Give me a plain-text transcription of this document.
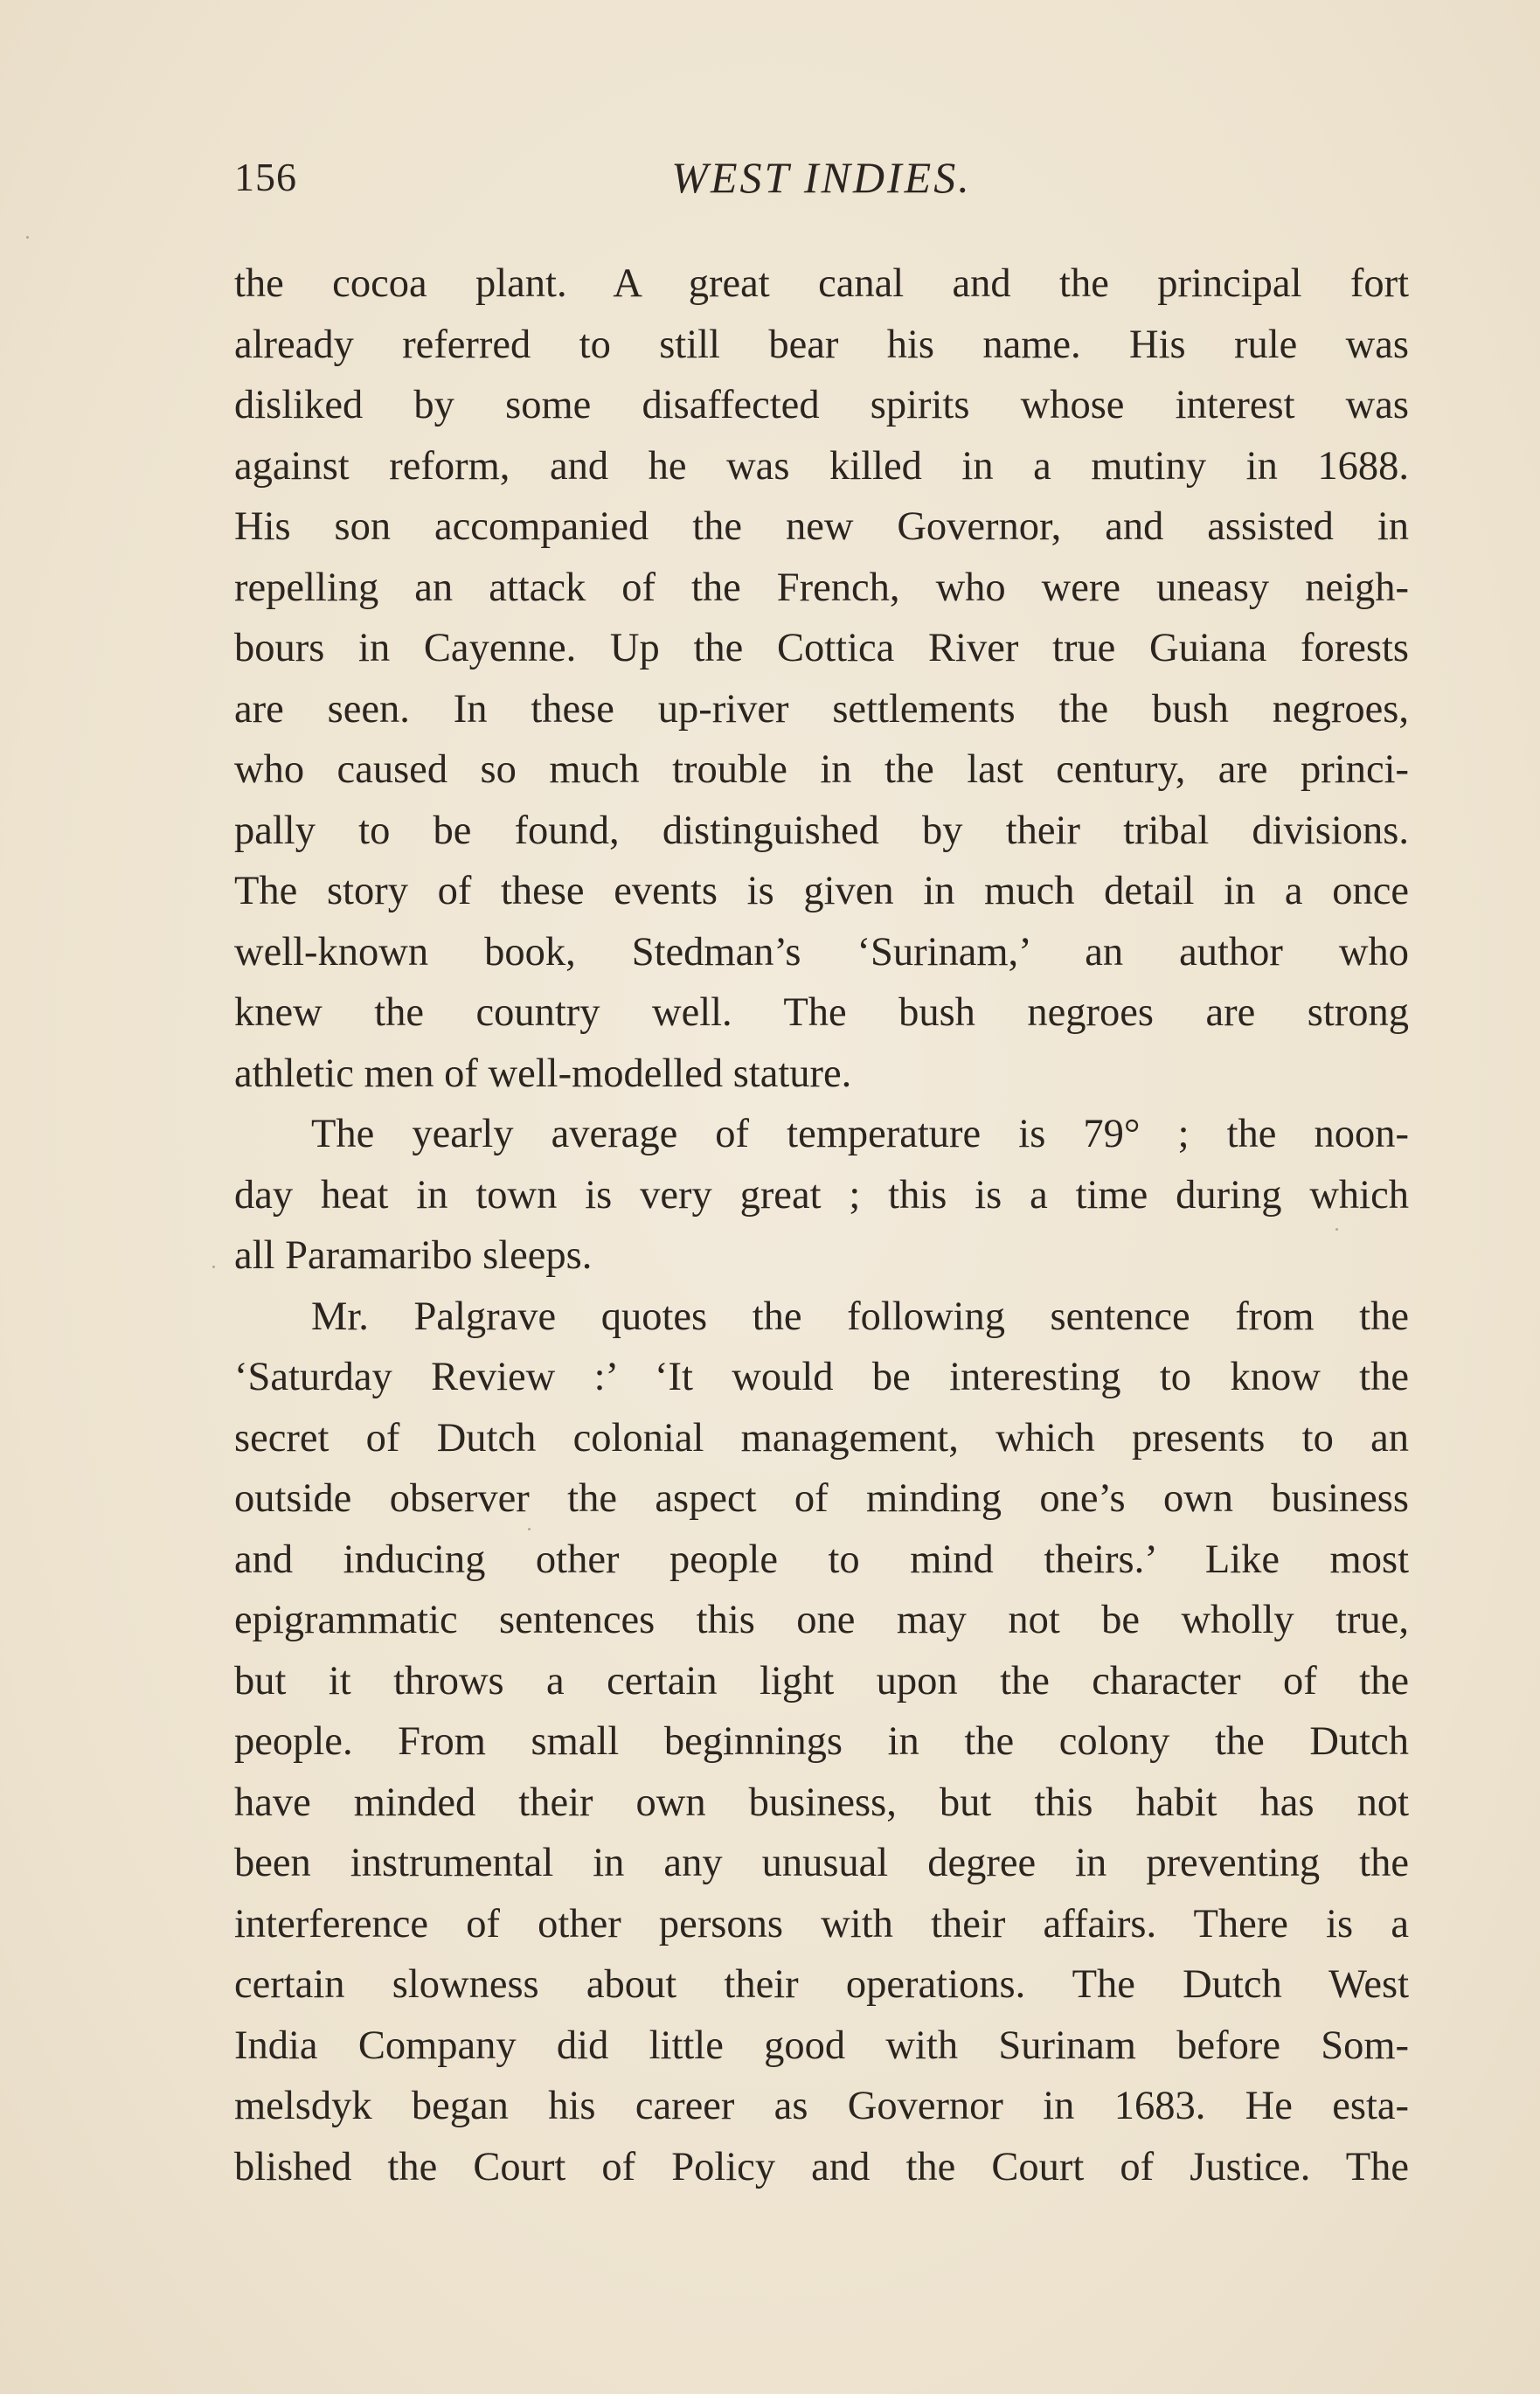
156	WEST INDIES.
the cocoa plant. A great canal and the principal fort
already referred to still bear his name. His rule was
disliked by some disaffected spirits whose interest was
against reform, and he was killed in a mutiny in 1688.
His son accompanied the new Governor, and assisted in
repelling an attack of the French, who were uneasy neigh-
bours in Cayenne. Up the Cottica River true Guiana forests
are seen. In these up-river settlements the bush negroes,
who caused so much trouble in the last century, are princi-
pally to be found, distinguished by their tribal divisions.
The story of these events is given in much detail in a once
well-known book, Stedman’s ‘Surinam,’ an author who
knew the country well. The bush negroes are strong
athletic men of well-modelled stature.
The yearly average of temperature is 79° ; the noon-
day heat in town is very great ; this is a time during which
all Paramaribo sleeps.
Mr. Palgrave quotes the following sentence from the
‘Saturday Review :’ ‘It would be interesting to know the
secret of Dutch colonial management, which presents to an
outside observer the aspect of minding one’s own business
and inducing other people to mind theirs.’ Like most
epigrammatic sentences this one may not be wholly true,
but it throws a certain light upon the character of the
people. From small beginnings in the colony the Dutch
have minded their own business, but this habit has not
been instrumental in any unusual degree in preventing the
interference of other persons with their affairs. There is a
certain slowness about their operations. The Dutch West
India Company did little good with Surinam before Som-
melsdyk began his career as Governor in 1683. He esta-
blished the Court of Policy and the Court of Justice. The
